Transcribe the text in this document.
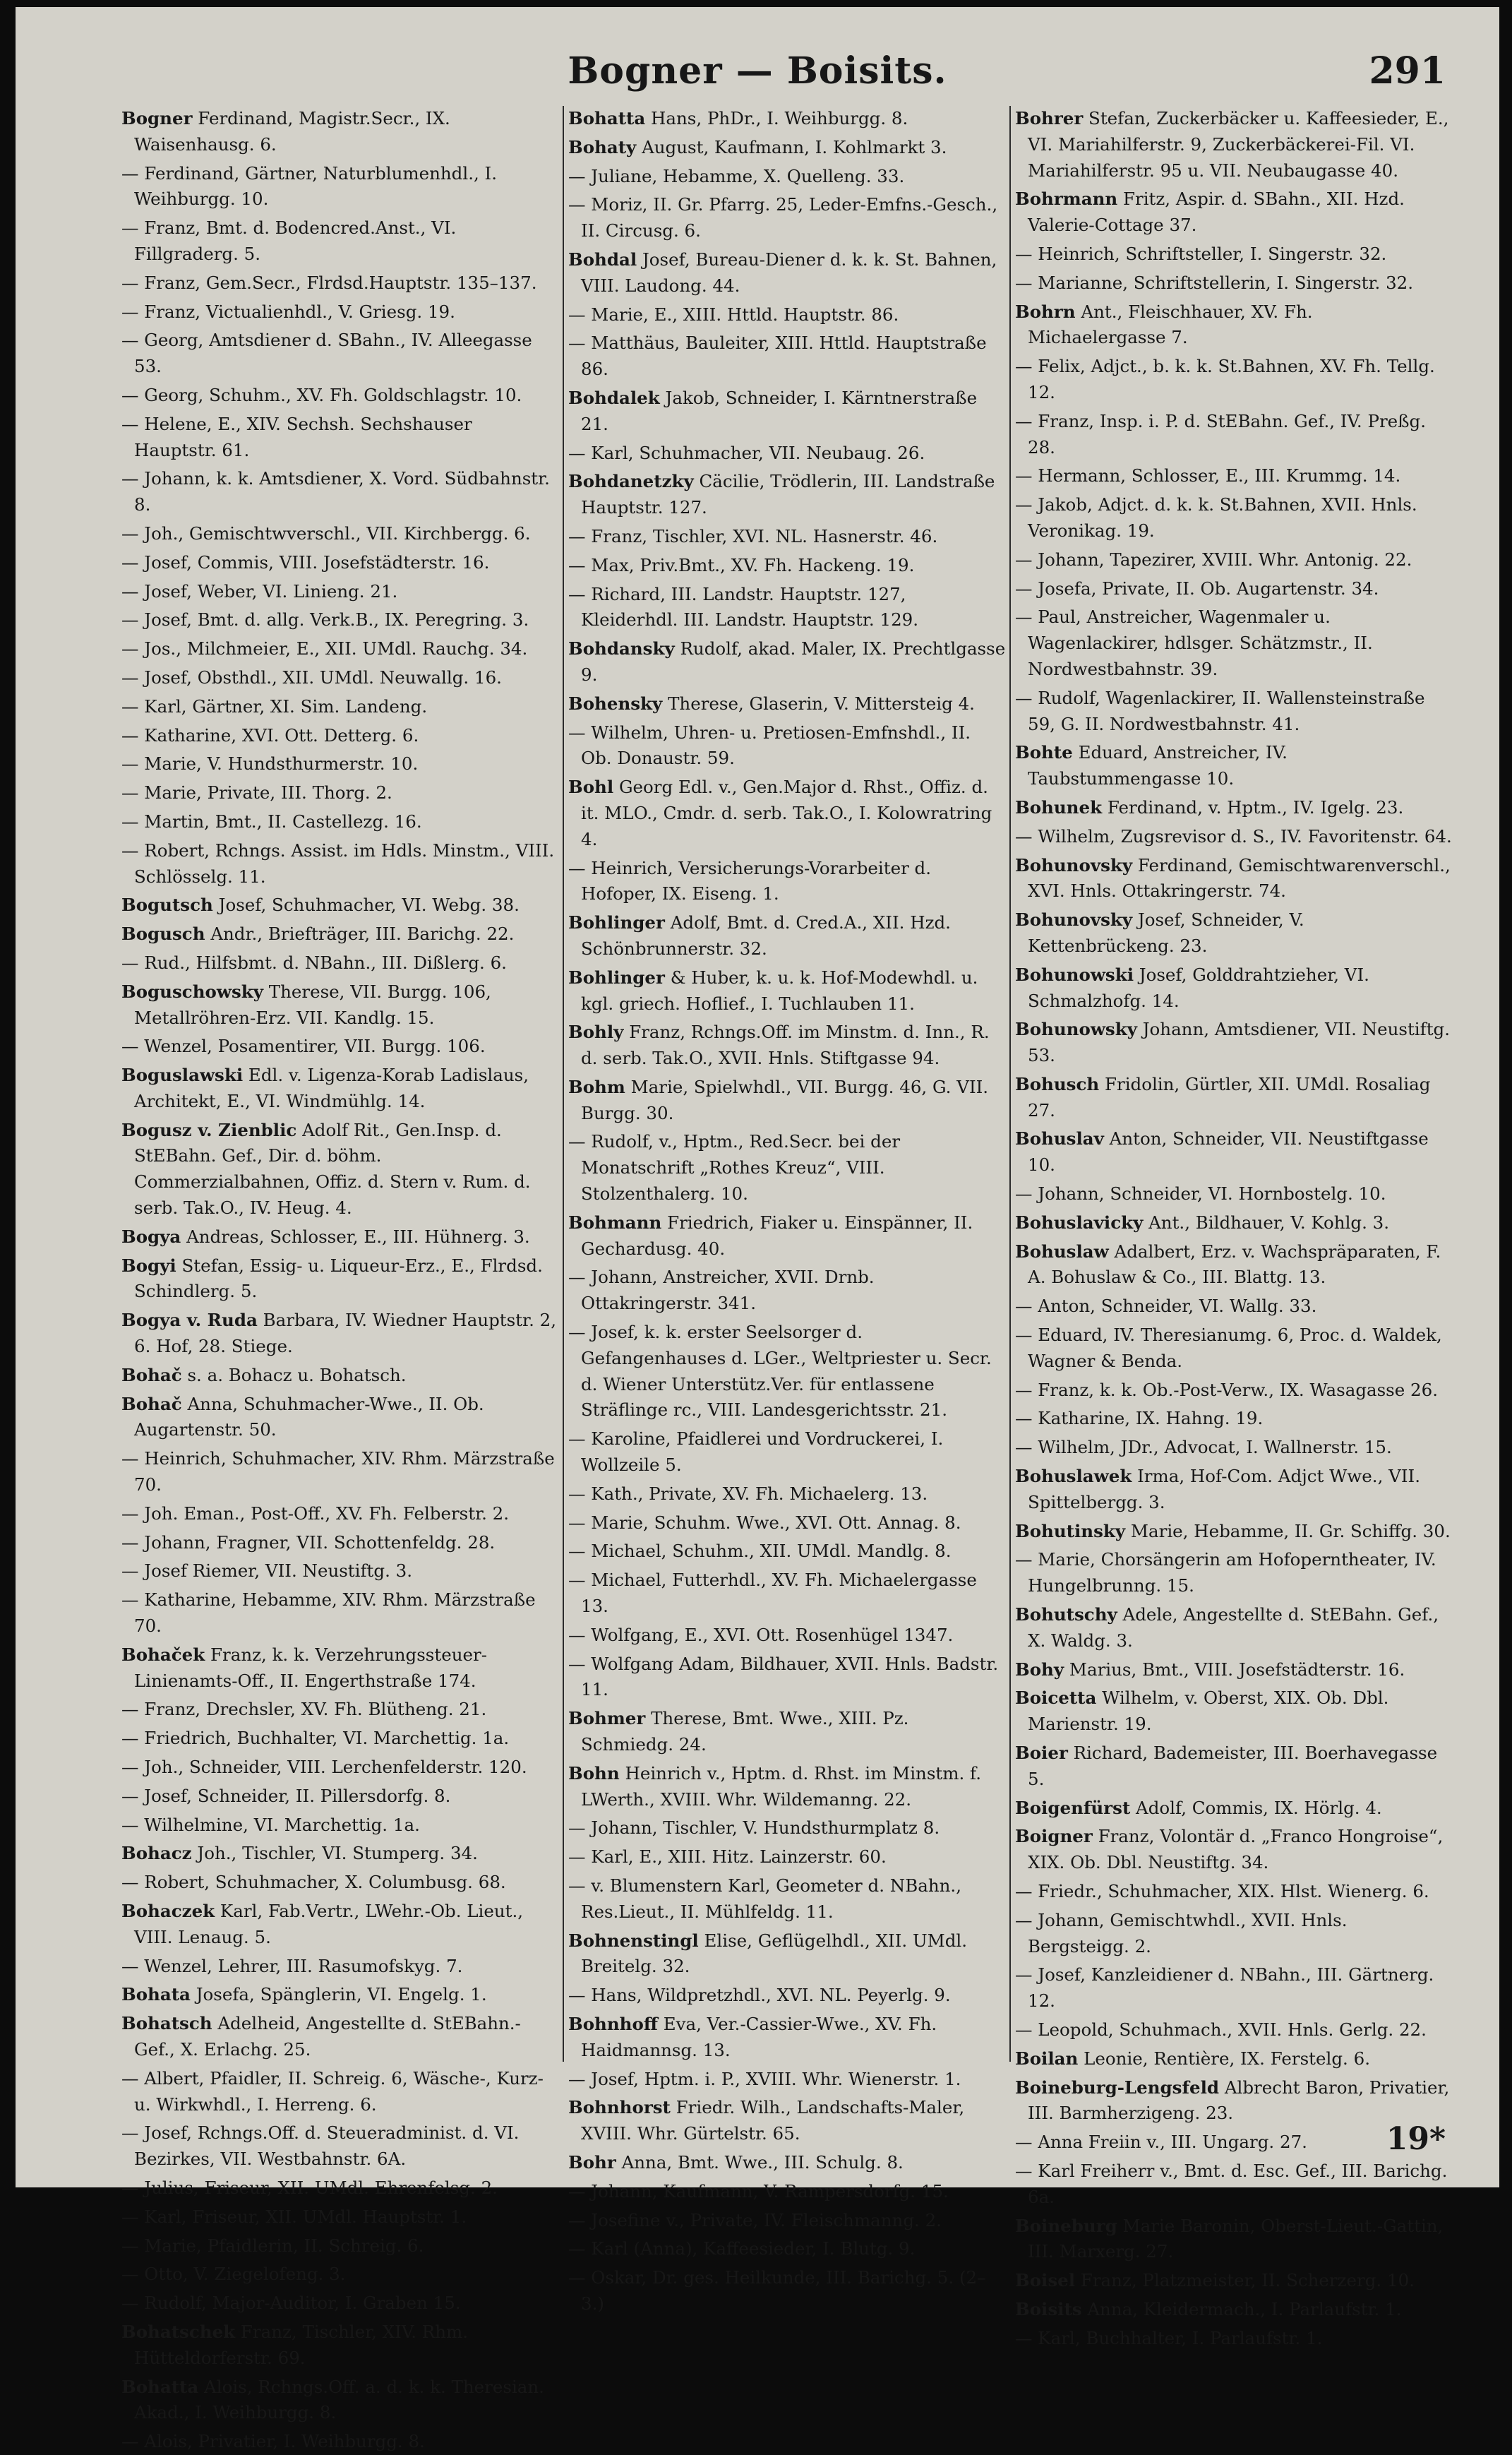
Bogner — Boisits.	291

Bogner Ferdinand, Magistr.Secr., IX. Waisenhausg. 6.

— Ferdinand, Gärtner, Naturblumenhdl., I. Weihburgg. 10.

— Franz, Bmt. d. Bodencred.Anst., VI. Fillgraderg. 5.

— Franz, Gem.Secr., Flrdsd.Hauptstr. 135–137.

— Franz, Victualienhdl., V. Griesg. 19.

— Georg, Amtsdiener d. SBahn., IV. Alleegasse 53.

— Georg, Schuhm., XV. Fh. Goldschlagstr. 10.

— Helene, E., XIV. Sechsh. Sechshauser Hauptstr. 61.

— Johann, k. k. Amtsdiener, X. Vord. Südbahnstr. 8.

— Joh., Gemischtwverschl., VII. Kirchbergg. 6.

— Josef, Commis, VIII. Josefstädterstr. 16.

— Josef, Weber, VI. Linieng. 21.

— Josef, Bmt. d. allg. Verk.B., IX. Peregring. 3.

— Jos., Milchmeier, E., XII. UMdl. Rauchg. 34.

— Josef, Obsthdl., XII. UMdl. Neuwallg. 16.

— Karl, Gärtner, XI. Sim. Landeng.

— Katharine, XVI. Ott. Detterg. 6.

— Marie, V. Hundsthurmerstr. 10.

— Marie, Private, III. Thorg. 2.

— Martin, Bmt., II. Castellezg. 16.

— Robert, Rchngs. Assist. im Hdls. Minstm., VIII. Schlösselg. 11.

Bogutsch Josef, Schuhmacher, VI. Webg. 38.

Bogusch Andr., Briefträger, III. Barichg. 22.

— Rud., Hilfsbmt. d. NBahn., III. Dißlerg. 6.

Boguschowsky Therese, VII. Burgg. 106, Metallröhren-Erz. VII. Kandlg. 15.

— Wenzel, Posamentirer, VII. Burgg. 106.

Boguslawski Edl. v. Ligenza-Korab Ladislaus, Architekt, E., VI. Windmühlg. 14.

Bogusz v. Zienblic Adolf Rit., Gen.Insp. d. StEBahn. Gef., Dir. d. böhm. Commerzialbahnen, Offiz. d. Stern v. Rum. d. serb. Tak.O., IV. Heug. 4.

Bogya Andreas, Schlosser, E., III. Hühnerg. 3.

Bogyi Stefan, Essig- u. Liqueur-Erz., E., Flrdsd. Schindlerg. 5.

Bogya v. Ruda Barbara, IV. Wiedner Hauptstr. 2, 6. Hof, 28. Stiege.

Bohač s. a. Bohacz u. Bohatsch.

Bohač Anna, Schuhmacher-Wwe., II. Ob. Augartenstr. 50.

— Heinrich, Schuhmacher, XIV. Rhm. Märzstraße 70.

— Joh. Eman., Post-Off., XV. Fh. Felberstr. 2.

— Johann, Fragner, VII. Schottenfeldg. 28.

— Josef Riemer, VII. Neustiftg. 3.

— Katharine, Hebamme, XIV. Rhm. Märzstraße 70.

Bohaček Franz, k. k. Verzehrungssteuer-Linienamts-Off., II. Engerthstraße 174.

— Franz, Drechsler, XV. Fh. Blütheng. 21.

— Friedrich, Buchhalter, VI. Marchettig. 1a.

— Joh., Schneider, VIII. Lerchenfelderstr. 120.

— Josef, Schneider, II. Pillersdorfg. 8.

— Wilhelmine, VI. Marchettig. 1a.

Bohacz Joh., Tischler, VI. Stumperg. 34.

— Robert, Schuhmacher, X. Columbusg. 68.

Bohaczek Karl, Fab.Vertr., LWehr.-Ob. Lieut., VIII. Lenaug. 5.

— Wenzel, Lehrer, III. Rasumofskyg. 7.

Bohata Josefa, Spänglerin, VI. Engelg. 1.

Bohatsch Adelheid, Angestellte d. StEBahn.-Gef., X. Erlachg. 25.

— Albert, Pfaidler, II. Schreig. 6, Wäsche-, Kurz- u. Wirkwhdl., I. Herreng. 6.

— Josef, Rchngs.Off. d. Steueradminist. d. VI. Bezirkes, VII. Westbahnstr. 6A.

— Julius, Friseur, XII. UMdl. Ehrenfelsg. 2.

— Karl, Friseur, XII. UMdl. Hauptstr. 1.

— Marie, Pfaidlerin, II. Schreig. 6.

— Otto, V. Ziegelofeng. 3.

— Rudolf, Major-Auditor, I. Graben 15.

Bohatschek Franz, Tischler, XIV. Rhm. Hütteldorferstr. 69.

Bohatta Alois, Rchngs.Off. a. d. k. k. Theresian. Akad., I. Weihburgg. 8.

— Alois, Privatier, I. Weihburgg. 8.

Bohatta Hans, PhDr., I. Weihburgg. 8.

Bohaty August, Kaufmann, I. Kohlmarkt 3.

— Juliane, Hebamme, X. Quelleng. 33.

— Moriz, II. Gr. Pfarrg. 25, Leder-Emfns.-Gesch., II. Circusg. 6.

Bohdal Josef, Bureau-Diener d. k. k. St. Bahnen, VIII. Laudong. 44.

— Marie, E., XIII. Httld. Hauptstr. 86.

— Matthäus, Bauleiter, XIII. Httld. Hauptstraße 86.

Bohdalek Jakob, Schneider, I. Kärntnerstraße 21.

— Karl, Schuhmacher, VII. Neubaug. 26.

Bohdanetzky Cäcilie, Trödlerin, III. Landstraße Hauptstr. 127.

— Franz, Tischler, XVI. NL. Hasnerstr. 46.

— Max, Priv.Bmt., XV. Fh. Hackeng. 19.

— Richard, III. Landstr. Hauptstr. 127, Kleiderhdl. III. Landstr. Hauptstr. 129.

Bohdansky Rudolf, akad. Maler, IX. Prechtlgasse 9.

Bohensky Therese, Glaserin, V. Mittersteig 4.

— Wilhelm, Uhren- u. Pretiosen-Emfnshdl., II. Ob. Donaustr. 59.

Bohl Georg Edl. v., Gen.Major d. Rhst., Offiz. d. it. MLO., Cmdr. d. serb. Tak.O., I. Kolowratring 4.

— Heinrich, Versicherungs-Vorarbeiter d. Hofoper, IX. Eiseng. 1.

Bohlinger Adolf, Bmt. d. Cred.A., XII. Hzd. Schönbrunnerstr. 32.

Bohlinger & Huber, k. u. k. Hof-Modewhdl. u. kgl. griech. Hoflief., I. Tuchlauben 11.

Bohly Franz, Rchngs.Off. im Minstm. d. Inn., R. d. serb. Tak.O., XVII. Hnls. Stiftgasse 94.

Bohm Marie, Spielwhdl., VII. Burgg. 46, G. VII. Burgg. 30.

— Rudolf, v., Hptm., Red.Secr. bei der Monatschrift „Rothes Kreuz“, VIII. Stolzenthalerg. 10.

Bohmann Friedrich, Fiaker u. Einspänner, II. Gechardusg. 40.

— Johann, Anstreicher, XVII. Drnb. Ottakringerstr. 341.

— Josef, k. k. erster Seelsorger d. Gefangenhauses d. LGer., Weltpriester u. Secr. d. Wiener Unterstütz.Ver. für entlassene Sträflinge rc., VIII. Landesgerichtsstr. 21.

— Karoline, Pfaidlerei und Vordruckerei, I. Wollzeile 5.

— Kath., Private, XV. Fh. Michaelerg. 13.

— Marie, Schuhm. Wwe., XVI. Ott. Annag. 8.

— Michael, Schuhm., XII. UMdl. Mandlg. 8.

— Michael, Futterhdl., XV. Fh. Michaelergasse 13.

— Wolfgang, E., XVI. Ott. Rosenhügel 1347.

— Wolfgang Adam, Bildhauer, XVII. Hnls. Badstr. 11.

Bohmer Therese, Bmt. Wwe., XIII. Pz. Schmiedg. 24.

Bohn Heinrich v., Hptm. d. Rhst. im Minstm. f. LWerth., XVIII. Whr. Wildemanng. 22.

— Johann, Tischler, V. Hundsthurmplatz 8.

— Karl, E., XIII. Hitz. Lainzerstr. 60.

— v. Blumenstern Karl, Geometer d. NBahn., Res.Lieut., II. Mühlfeldg. 11.

Bohnenstingl Elise, Geflügelhdl., XII. UMdl. Breitelg. 32.

— Hans, Wildpretzhdl., XVI. NL. Peyerlg. 9.

Bohnhoff Eva, Ver.-Cassier-Wwe., XV. Fh. Haidmannsg. 13.

— Josef, Hptm. i. P., XVIII. Whr. Wienerstr. 1.

Bohnhorst Friedr. Wilh., Landschafts-Maler, XVIII. Whr. Gürtelstr. 65.

Bohr Anna, Bmt. Wwe., III. Schulg. 8.

— Johann, Kaufmann, V. Rampersdorfg. 15.

— Josefine v., Private, IV. Fleischmanng. 2.

— Karl (Anna), Kaffeesieder, I. Blutg. 9.

— Oskar, Dr. ges. Heilkunde, III. Barichg. 5. (2–3.)

Bohrer Stefan, Zuckerbäcker u. Kaffeesieder, E., VI. Mariahilferstr. 9, Zuckerbäckerei-Fil. VI. Mariahilferstr. 95 u. VII. Neubaugasse 40.

Bohrmann Fritz, Aspir. d. SBahn., XII. Hzd. Valerie-Cottage 37.

— Heinrich, Schriftsteller, I. Singerstr. 32.

— Marianne, Schriftstellerin, I. Singerstr. 32.

Bohrn Ant., Fleischhauer, XV. Fh. Michaelergasse 7.

— Felix, Adjct., b. k. k. St.Bahnen, XV. Fh. Tellg. 12.

— Franz, Insp. i. P. d. StEBahn. Gef., IV. Preßg. 28.

— Hermann, Schlosser, E., III. Krummg. 14.

— Jakob, Adjct. d. k. k. St.Bahnen, XVII. Hnls. Veronikag. 19.

— Johann, Tapezirer, XVIII. Whr. Antonig. 22.

— Josefa, Private, II. Ob. Augartenstr. 34.

— Paul, Anstreicher, Wagenmaler u. Wagenlackirer, hdlsger. Schätzmstr., II. Nordwestbahnstr. 39.

— Rudolf, Wagenlackirer, II. Wallensteinstraße 59, G. II. Nordwestbahnstr. 41.

Bohte Eduard, Anstreicher, IV. Taubstummengasse 10.

Bohunek Ferdinand, v. Hptm., IV. Igelg. 23.

— Wilhelm, Zugsrevisor d. S., IV. Favoritenstr. 64.

Bohunovsky Ferdinand, Gemischtwarenverschl., XVI. Hnls. Ottakringerstr. 74.

Bohunovsky Josef, Schneider, V. Kettenbrückeng. 23.

Bohunowski Josef, Golddrahtzieher, VI. Schmalzhofg. 14.

Bohunowsky Johann, Amtsdiener, VII. Neustiftg. 53.

Bohusch Fridolin, Gürtler, XII. UMdl. Rosaliag 27.

Bohuslav Anton, Schneider, VII. Neustiftgasse 10.

— Johann, Schneider, VI. Hornbostelg. 10.

Bohuslavicky Ant., Bildhauer, V. Kohlg. 3.

Bohuslaw Adalbert, Erz. v. Wachspräparaten, F. A. Bohuslaw & Co., III. Blattg. 13.

— Anton, Schneider, VI. Wallg. 33.

— Eduard, IV. Theresianumg. 6, Proc. d. Waldek, Wagner & Benda.

— Franz, k. k. Ob.-Post-Verw., IX. Wasagasse 26.

— Katharine, IX. Hahng. 19.

— Wilhelm, JDr., Advocat, I. Wallnerstr. 15.

Bohuslawek Irma, Hof-Com. Adjct Wwe., VII. Spittelbergg. 3.

Bohutinsky Marie, Hebamme, II. Gr. Schiffg. 30.

— Marie, Chorsängerin am Hofoperntheater, IV. Hungelbrunng. 15.

Bohutschy Adele, Angestellte d. StEBahn. Gef., X. Waldg. 3.

Bohy Marius, Bmt., VIII. Josefstädterstr. 16.

Boicetta Wilhelm, v. Oberst, XIX. Ob. Dbl. Marienstr. 19.

Boier Richard, Bademeister, III. Boerhavegasse 5.

Boigenfürst Adolf, Commis, IX. Hörlg. 4.

Boigner Franz, Volontär d. „Franco Hongroise“, XIX. Ob. Dbl. Neustiftg. 34.

— Friedr., Schuhmacher, XIX. Hlst. Wienerg. 6.

— Johann, Gemischtwhdl., XVII. Hnls. Bergsteigg. 2.

— Josef, Kanzleidiener d. NBahn., III. Gärtnerg. 12.

— Leopold, Schuhmach., XVII. Hnls. Gerlg. 22.

Boilan Leonie, Rentière, IX. Ferstelg. 6.

Boineburg-Lengsfeld Albrecht Baron, Privatier, III. Barmherzigeng. 23.

— Anna Freiin v., III. Ungarg. 27.

— Karl Freiherr v., Bmt. d. Esc. Gef., III. Barichg. 6a.

Boineburg Marie Baronin, Oberst-Lieut.-Gattin, III. Marxerg. 27.

Boisel Franz, Platzmeister, II. Scherzerg. 10.

Boisits Anna, Kleidermach., I. Parlaufstr. 1.

— Karl, Buchhalter, I. Parlaufstr. 1.

19*
